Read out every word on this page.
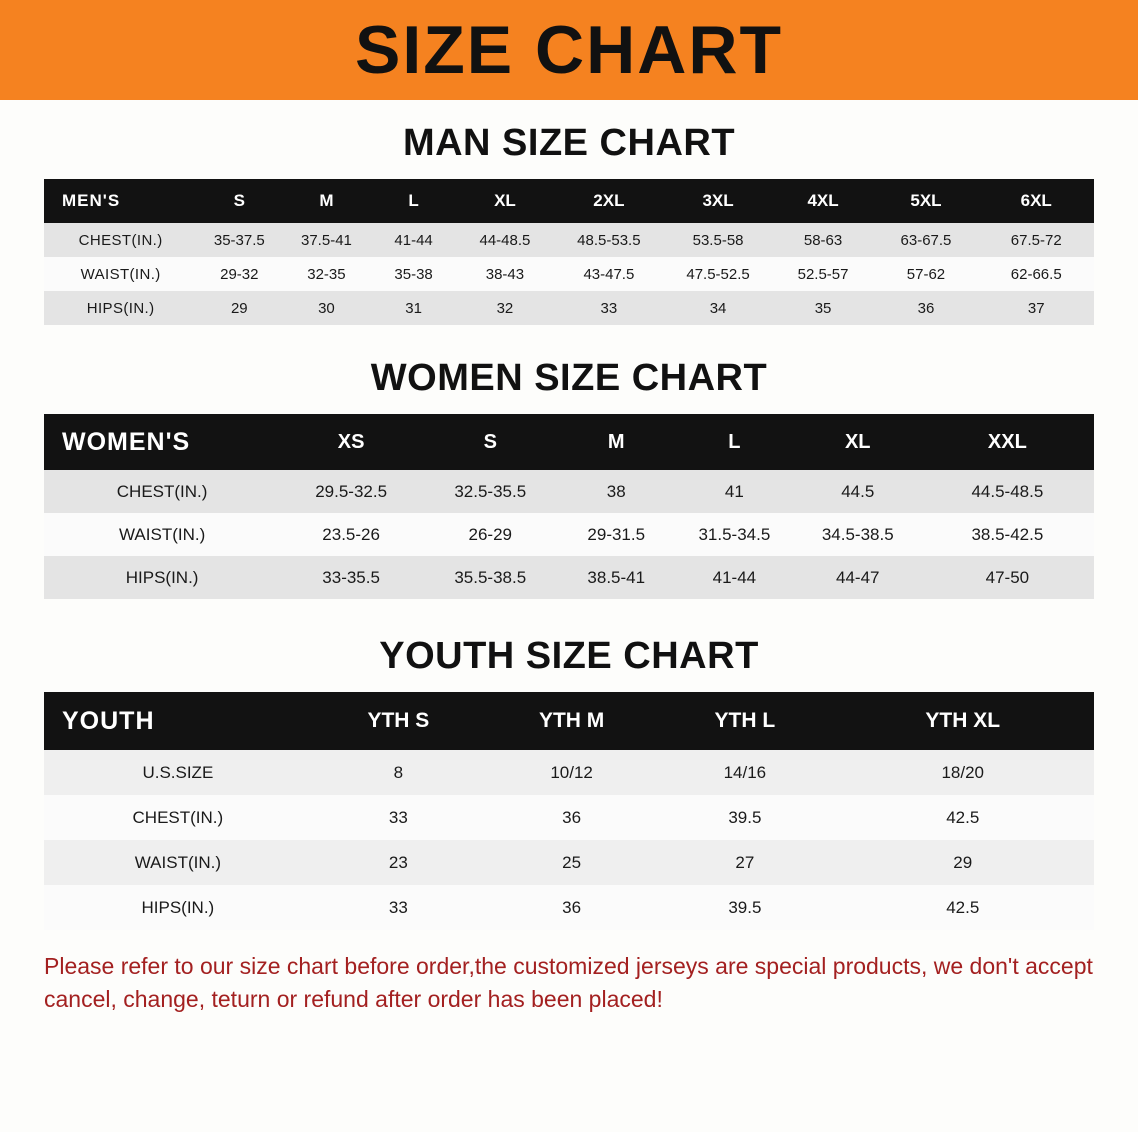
SIZE CHART
MAN SIZE CHART
MEN'S	S	M	L	XL	2XL	3XL	4XL	5XL	6XL
CHEST(IN.)	35-37.5	37.5-41	41-44	44-48.5	48.5-53.5	53.5-58	58-63	63-67.5	67.5-72
WAIST(IN.)	29-32	32-35	35-38	38-43	43-47.5	47.5-52.5	52.5-57	57-62	62-66.5
HIPS(IN.)	29	30	31	32	33	34	35	36	37
WOMEN SIZE CHART
WOMEN'S	XS	S	M	L	XL	XXL
CHEST(IN.)	29.5-32.5	32.5-35.5	38	41	44.5	44.5-48.5
WAIST(IN.)	23.5-26	26-29	29-31.5	31.5-34.5	34.5-38.5	38.5-42.5
HIPS(IN.)	33-35.5	35.5-38.5	38.5-41	41-44	44-47	47-50
YOUTH SIZE CHART
YOUTH	YTH S	YTH M	YTH L	YTH XL
U.S.SIZE	8	10/12	14/16	18/20
CHEST(IN.)	33	36	39.5	42.5
WAIST(IN.)	23	25	27	29
HIPS(IN.)	33	36	39.5	42.5
Please refer to our size chart before order,the customized jerseys are special products, we don't accept cancel, change, teturn or refund after order has been placed!
